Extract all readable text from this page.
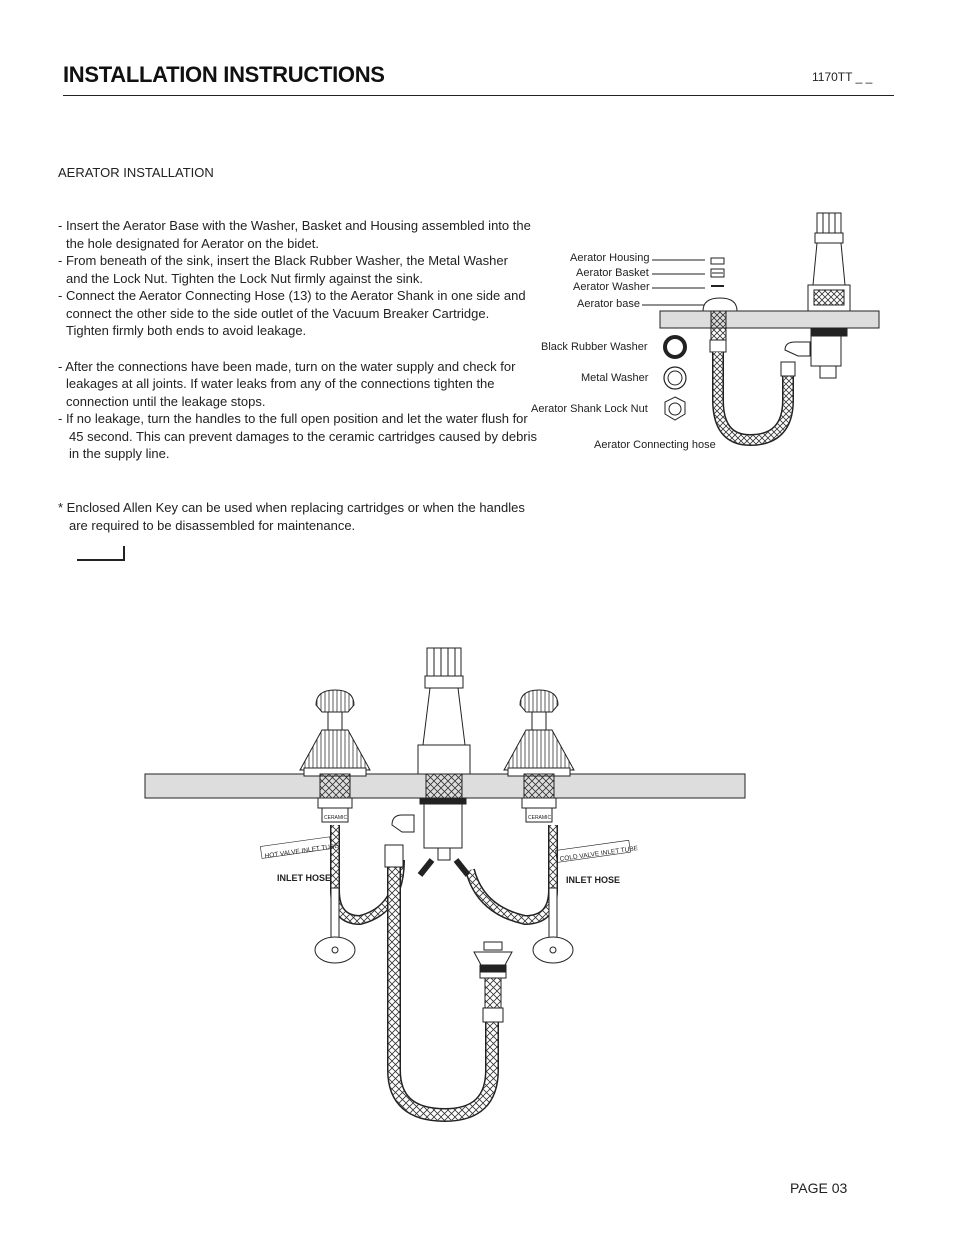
INSTALLATION INSTRUCTIONS	1170TT _ _
AERATOR INSTALLATION

- Insert the Aerator Base with the Washer, Basket and Housing assembled into the

the hole designated for Aerator on the bidet.

- From beneath of the sink, insert the Black Rubber Washer, the Metal Washer

and the Lock Nut. Tighten the Lock Nut firmly against the sink.

- Connect the Aerator Connecting Hose (13) to the Aerator Shank in one side and

connect the other side to the side outlet of the Vacuum Breaker Cartridge.

Tighten firmly both ends to avoid leakage.

- After the connections have been made, turn on the water supply and check for

leakages at all joints. If water leaks from any of the connections tighten the

connection until the leakage stops.

- If no leakage, turn the handles to the full open position and let the water flush for

45 second. This can prevent damages to the ceramic cartridges caused by debris

in the supply line.

* Enclosed Allen Key can be used when replacing cartridges or when the handles

are required to be disassembled for maintenance.

Aerator Housing
Aerator Basket
Aerator Washer
Aerator base
Black Rubber Washer
Metal Washer
Aerator Shank Lock Nut
Aerator Connecting hose
CERAMIC	CERAMIC
HOT VALVE INLET TUBE	COLD VALVE INLET TUBE
INLET HOSE	INLET HOSE
PAGE 03
